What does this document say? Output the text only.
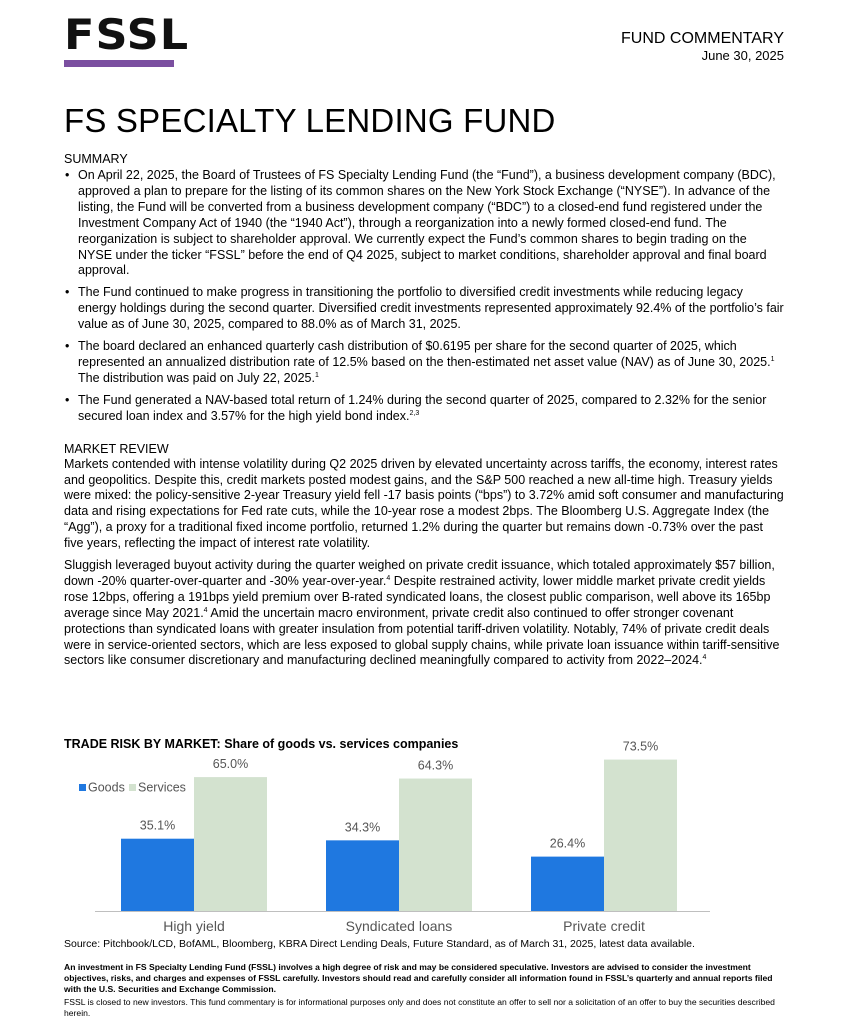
FSSL	FUND COMMENTARY
June 30, 2025
FS SPECIALTY LENDING FUND
SUMMARY
• On April 22, 2025, the Board of Trustees of FS Specialty Lending Fund (the “Fund”), a business development company (BDC), approved a plan to prepare for the listing of its common shares on the New York Stock Exchange (“NYSE”). In advance of the listing, the Fund will be converted from a business development company (“BDC”) to a closed-end fund registered under the Investment Company Act of 1940 (the “1940 Act”), through a reorganization into a newly formed closed-end fund. The reorganization is subject to shareholder approval. We currently expect the Fund’s common shares to begin trading on the NYSE under the ticker “FSSL” before the end of Q4 2025, subject to market conditions, shareholder approval and final board approval.
• The Fund continued to make progress in transitioning the portfolio to diversified credit investments while reducing legacy energy holdings during the second quarter. Diversified credit investments represented approximately 92.4% of the portfolio’s fair value as of June 30, 2025, compared to 88.0% as of March 31, 2025.
• The board declared an enhanced quarterly cash distribution of $0.6195 per share for the second quarter of 2025, which represented an annualized distribution rate of 12.5% based on the then-estimated net asset value (NAV) as of June 30, 2025.$^1$ The distribution was paid on July 22, 2025.$^1$
• The Fund generated a NAV-based total return of 1.24% during the second quarter of 2025, compared to 2.32% for the senior secured loan index and 3.57% for the high yield bond index.$^{2,3}$
MARKET REVIEW

Markets contended with intense volatility during Q2 2025 driven by elevated uncertainty across tariffs, the economy, interest rates and geopolitics. Despite this, credit markets posted modest gains, and the S&P 500 reached a new all-time high. Treasury yields were mixed: the policy-sensitive 2-year Treasury yield fell -17 basis points (“bps”) to 3.72% amid soft consumer and manufacturing data and rising expectations for Fed rate cuts, while the 10-year rose a modest 2bps. The Bloomberg U.S. Aggregate Index (the “Agg”), a proxy for a traditional fixed income portfolio, returned 1.2% during the quarter but remains down -0.73% over the past five years, reflecting the impact of interest rate volatility.

Sluggish leveraged buyout activity during the quarter weighed on private credit issuance, which totaled approximately $57 billion, down -20% quarter-over-quarter and -30% year-over-year.$^4$ Despite restrained activity, lower middle market private credit yields rose 12bps, offering a 191bps yield premium over B-rated syndicated loans, the closest public comparison, well above its 165bp average since May 2021.$^4$ Amid the uncertain macro environment, private credit also continued to offer stronger covenant protections than syndicated loans with greater insulation from potential tariff-driven volatility. Notably, 74% of private credit deals were in service-oriented sectors, which are less exposed to global supply chains, while private loan issuance within tariff-sensitive sectors like consumer discretionary and manufacturing declined meaningfully compared to activity from 2022–2024.$^4$

TRADE RISK BY MARKET: Share of goods vs. services companies
Goods Services
35.1%
65.0%
High yield
34.3%
64.3%
Syndicated loans
26.4%
73.5%
Private credit
Source: Pitchbook/LCD, BofAML, Bloomberg, KBRA Direct Lending Deals, Future Standard, as of March 31, 2025, latest data available.
An investment in FS Specialty Lending Fund (FSSL) involves a high degree of risk and may be considered speculative. Investors are advised to consider the investment objectives, risks, and charges and expenses of FSSL carefully. Investors should read and carefully consider all information found in FSSL’s quarterly and annual reports filed with the U.S. Securities and Exchange Commission.
FSSL is closed to new investors. This fund commentary is for informational purposes only and does not constitute an offer to sell nor a solicitation of an offer to buy the securities described herein.
